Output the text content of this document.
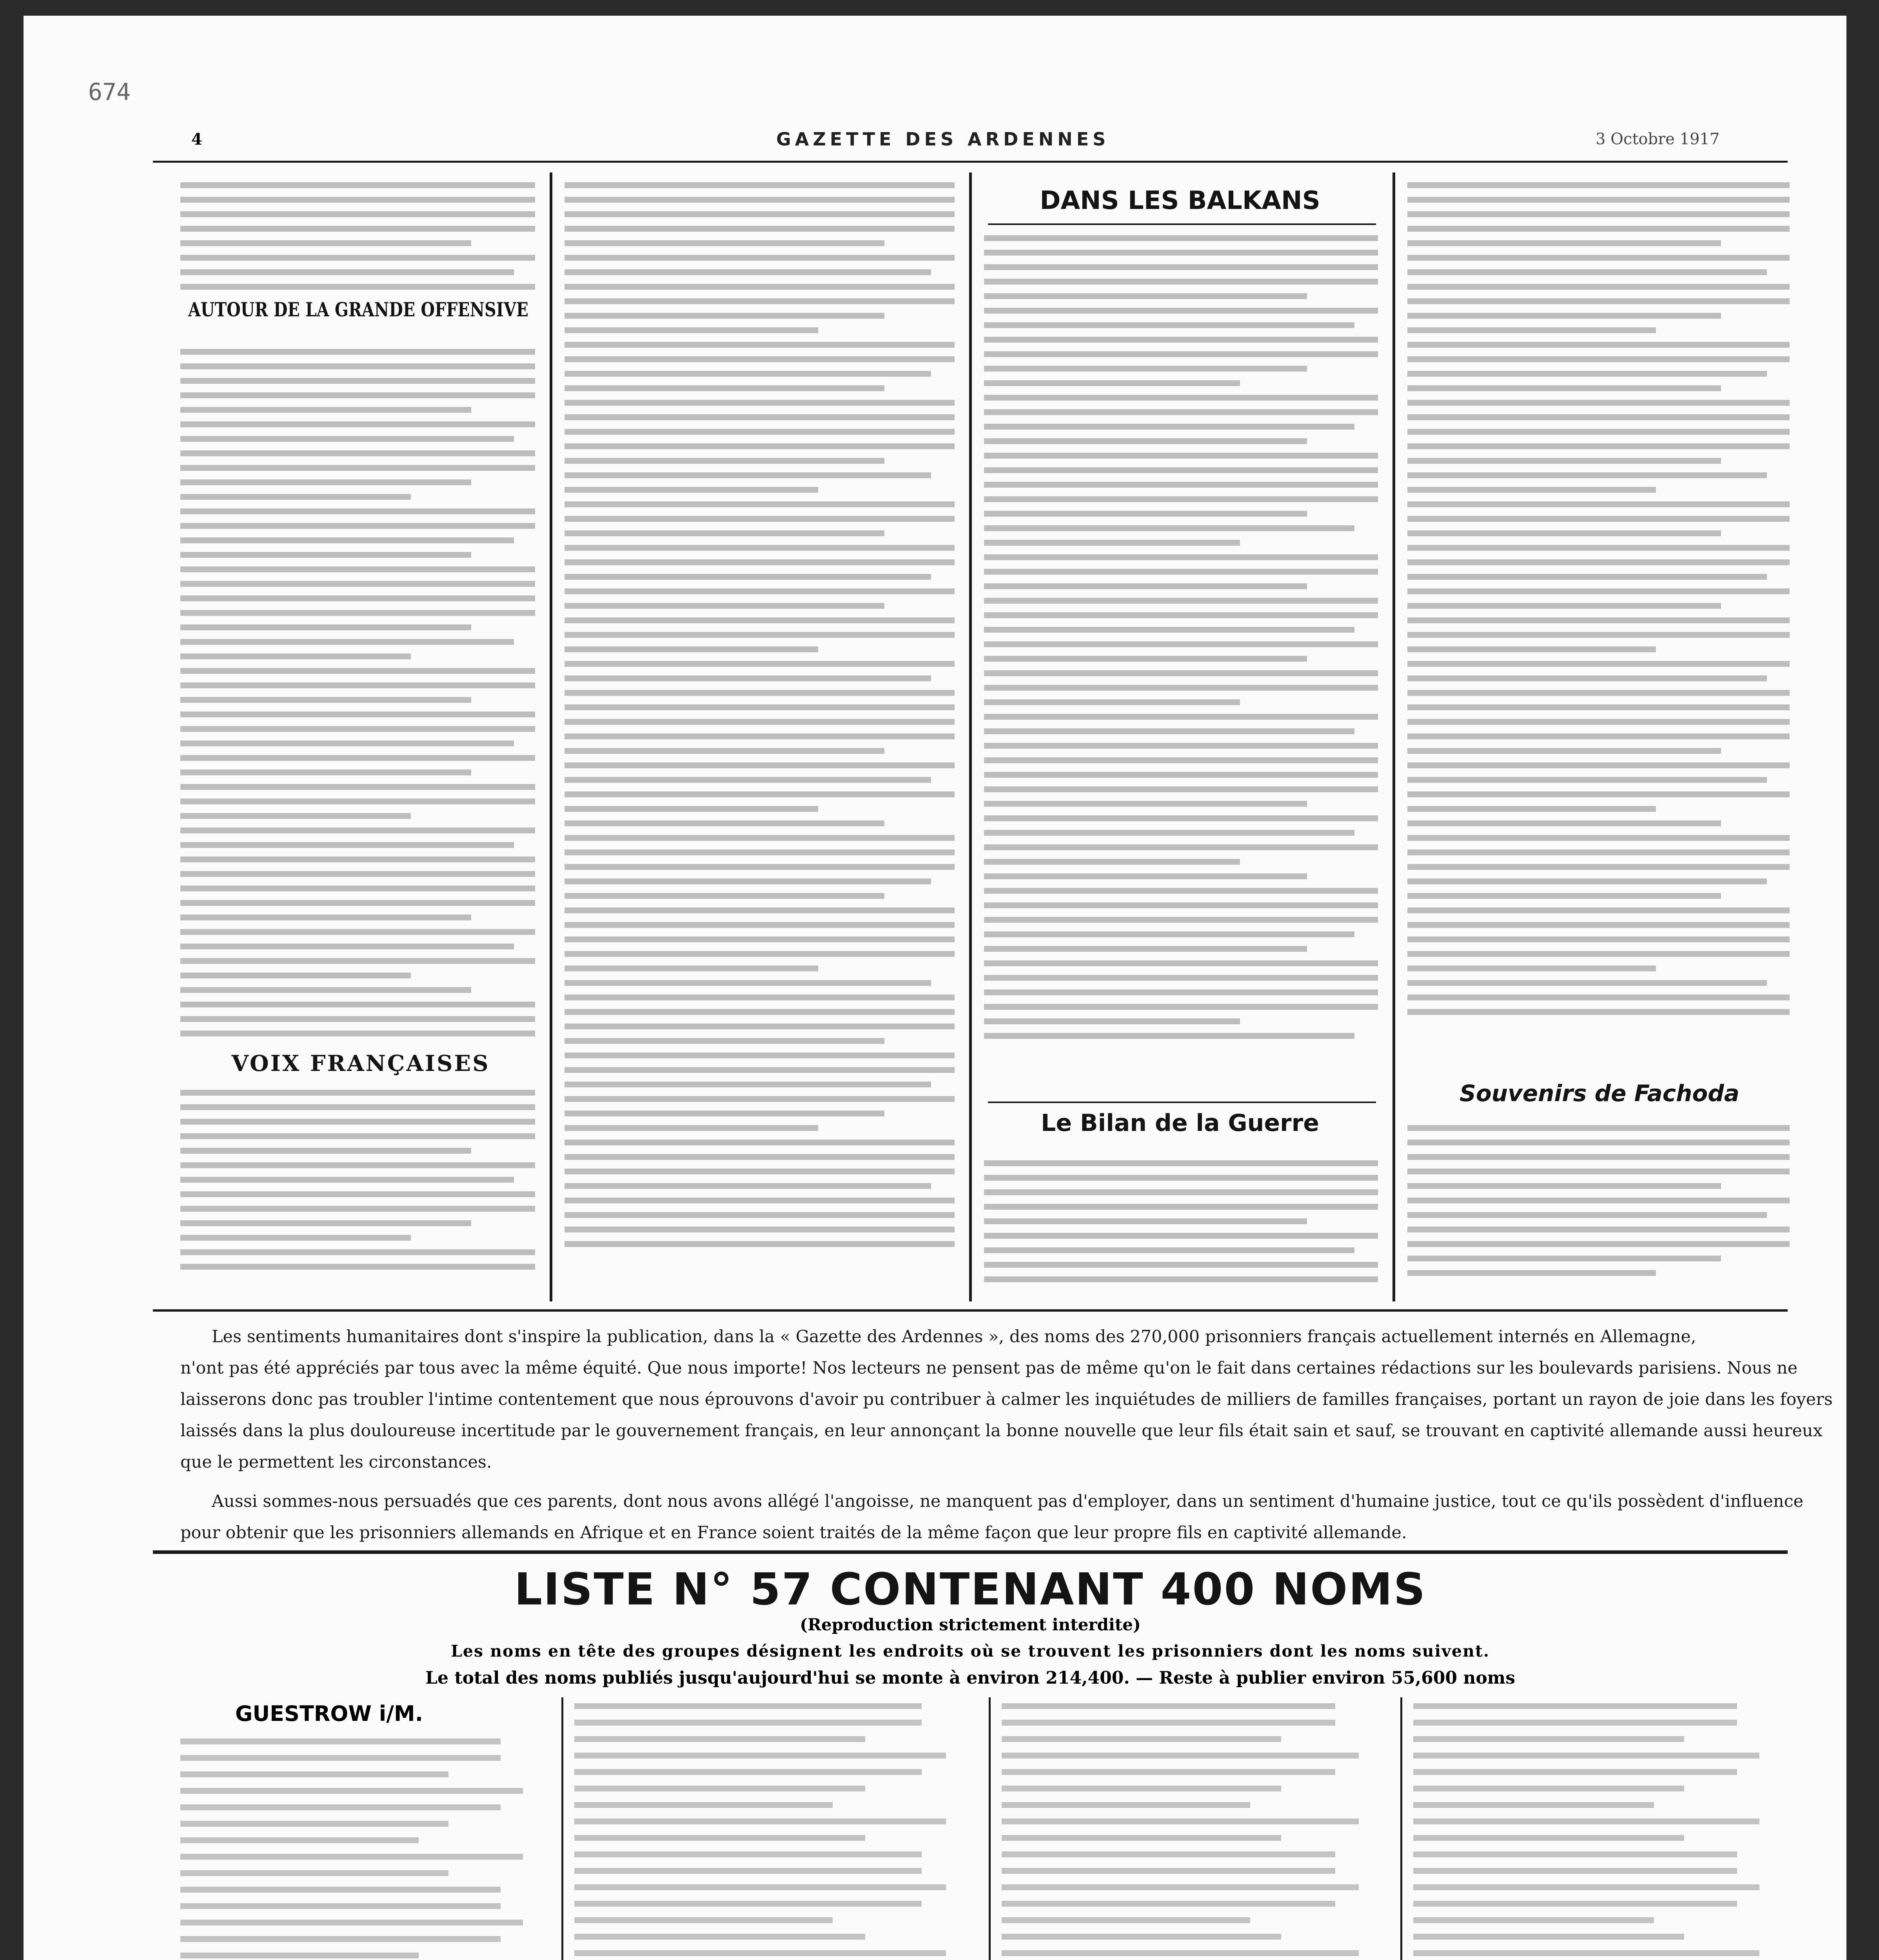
674
4	GAZETTE DES ARDENNES	3 Octobre 1917
AUTOUR DE LA GRANDE OFFENSIVE
VOIX FRANÇAISES
DANS LES BALKANS
Le Bilan de la Guerre
Souvenirs de Fachoda
Les sentiments humanitaires dont s'inspire la publication, dans la « Gazette des Ardennes », des noms des 270,000 prisonniers français actuellement internés en Allemagne,
n'ont pas été appréciés par tous avec la même équité. Que nous importe! Nos lecteurs ne pensent pas de même qu'on le fait dans certaines rédactions sur les boulevards parisiens. Nous ne
laisserons donc pas troubler l'intime contentement que nous éprouvons d'avoir pu contribuer à calmer les inquiétudes de milliers de familles françaises, portant un rayon de joie dans les foyers
laissés dans la plus douloureuse incertitude par le gouvernement français, en leur annonçant la bonne nouvelle que leur fils était sain et sauf, se trouvant en captivité allemande aussi heureux
que le permettent les circonstances.
Aussi sommes-nous persuadés que ces parents, dont nous avons allégé l'angoisse, ne manquent pas d'employer, dans un sentiment d'humaine justice, tout ce qu'ils possèdent d'influence
pour obtenir que les prisonniers allemands en Afrique et en France soient traités de la même façon que leur propre fils en captivité allemande.
LISTE N° 57 CONTENANT 400 NOMS
(Reproduction strictement interdite)
Les noms en tête des groupes désignent les endroits où se trouvent les prisonniers dont les noms suivent.
Le total des noms publiés jusqu'aujourd'hui se monte à environ 214,400. — Reste à publier environ 55,600 noms
GUESTROW i/M.
